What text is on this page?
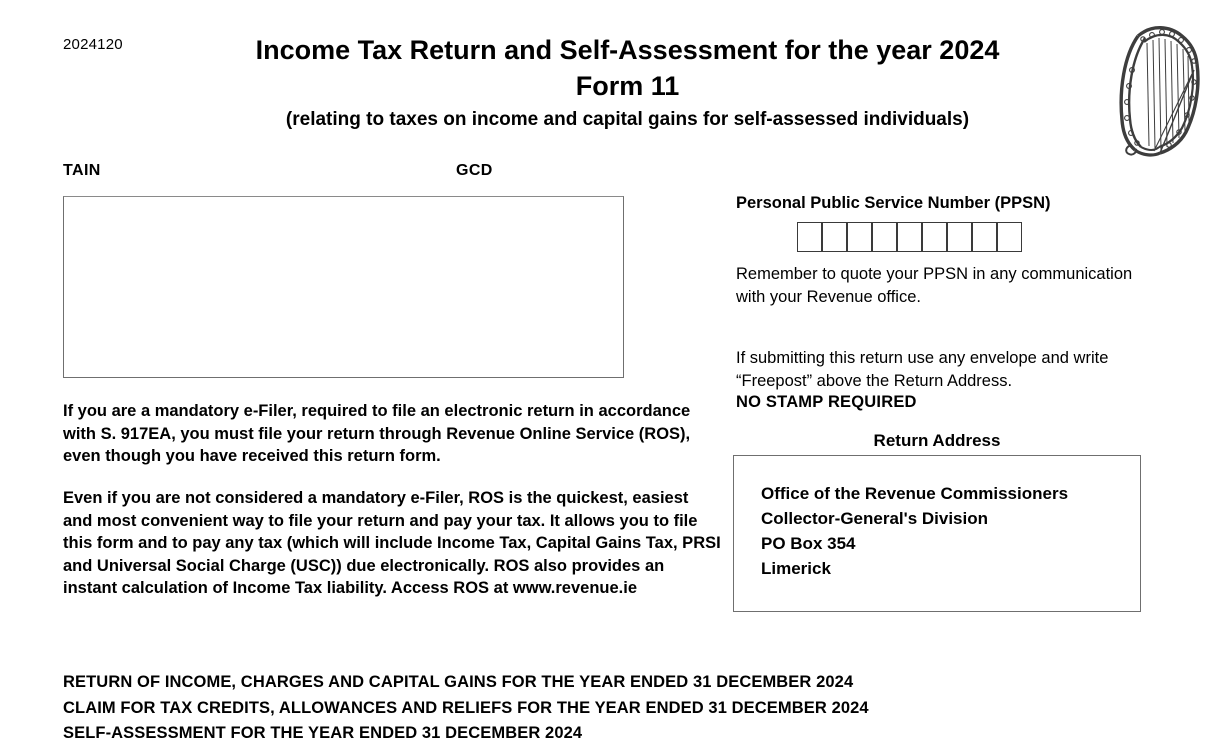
2024120	Income Tax Return and Self-Assessment for the year 2024
Form 11
(relating to taxes on income and capital gains for self-assessed individuals)
TAIN	GCD
Personal Public Service Number (PPSN)
Remember to quote your PPSN in any communication with your Revenue office.
If submitting this return use any envelope and write “Freepost” above the Return Address.
NO STAMP REQUIRED
Return Address
Office of the Revenue Commissioners
Collector-General's Division
PO Box 354
Limerick
If you are a mandatory e-Filer, required to file an electronic return in accordance with S. 917EA, you must file your return through Revenue Online Service (ROS), even though you have received this return form.
Even if you are not considered a mandatory e-Filer, ROS is the quickest, easiest and most convenient way to file your return and pay your tax. It allows you to file this form and to pay any tax (which will include Income Tax, Capital Gains Tax, PRSI and Universal Social Charge (USC)) due electronically. ROS also provides an instant calculation of Income Tax liability. Access ROS at www.revenue.ie
RETURN OF INCOME, CHARGES AND CAPITAL GAINS FOR THE YEAR ENDED 31 DECEMBER 2024
CLAIM FOR TAX CREDITS, ALLOWANCES AND RELIEFS FOR THE YEAR ENDED 31 DECEMBER 2024
SELF-ASSESSMENT FOR THE YEAR ENDED 31 DECEMBER 2024
